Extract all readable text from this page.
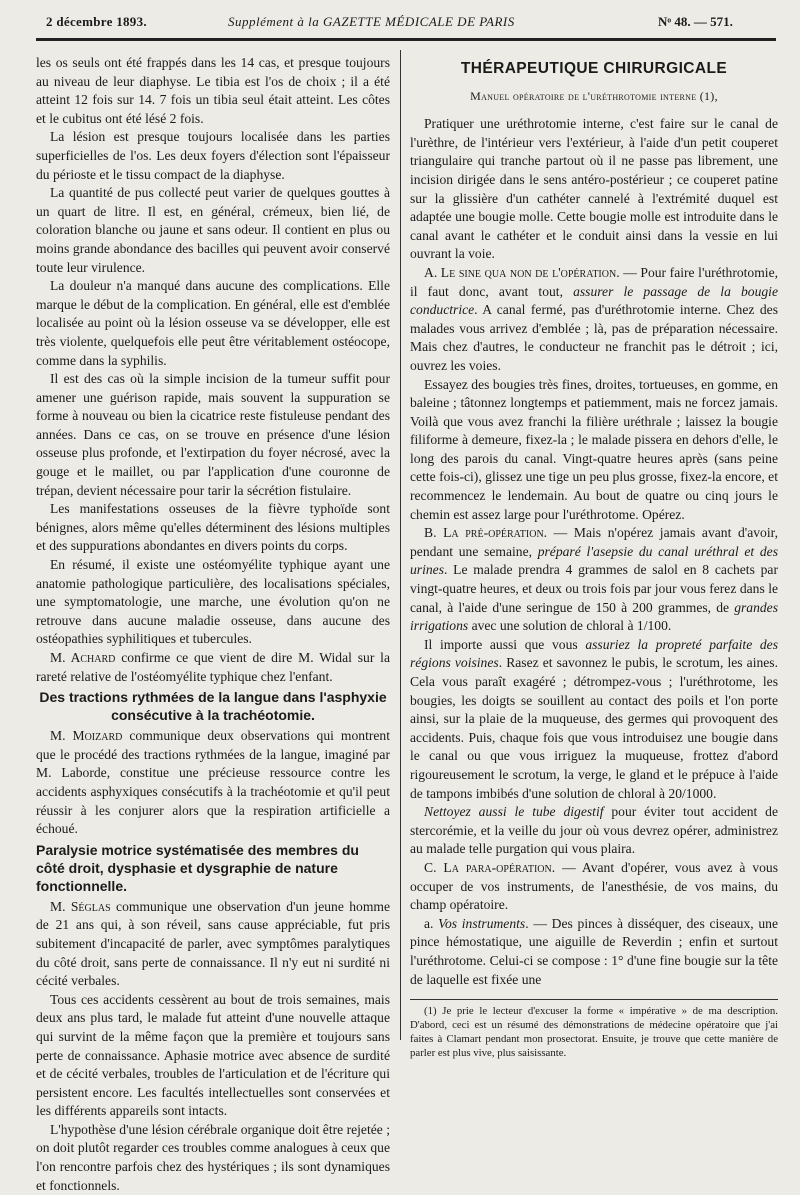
2 décembre 1893.	Supplément à la GAZETTE MÉDICALE DE PARIS	Nᵒ 48. — 571.

les os seuls ont été frappés dans les 14 cas, et presque toujours au niveau de leur diaphyse. Le tibia est l'os de choix ; il a été atteint 12 fois sur 14. 7 fois un tibia seul était atteint. Les côtes et le cubitus ont été lésé 2 fois.

La lésion est presque toujours localisée dans les parties superficielles de l'os. Les deux foyers d'élection sont l'épaisseur du périoste et le tissu compact de la diaphyse.

La quantité de pus collecté peut varier de quelques gouttes à un quart de litre. Il est, en général, crémeux, bien lié, de coloration blanche ou jaune et sans odeur. Il contient en plus ou moins grande abondance des bacilles qui peuvent avoir conservé toute leur virulence.

La douleur n'a manqué dans aucune des complications. Elle marque le début de la complication. En général, elle est d'emblée localisée au point où la lésion osseuse va se développer, elle est très violente, quelquefois elle peut être véritablement ostéocope, comme dans la syphilis.

Il est des cas où la simple incision de la tumeur suffit pour amener une guérison rapide, mais souvent la suppuration se forme à nouveau ou bien la cicatrice reste fistuleuse pendant des années. Dans ce cas, on se trouve en présence d'une lésion osseuse plus profonde, et l'extirpation du foyer nécrosé, avec la gouge et le maillet, ou par l'application d'une couronne de trépan, devient nécessaire pour tarir la sécrétion fistulaire.

Les manifestations osseuses de la fièvre typhoïde sont bénignes, alors même qu'elles déterminent des lésions multiples et des suppurations abondantes en divers points du corps.

En résumé, il existe une ostéomyélite typhique ayant une anatomie pathologique particulière, des localisations spéciales, une symptomatologie, une marche, une évolution qu'on ne retrouve dans aucune maladie osseuse, dans aucune des ostéopathies syphilitiques et tubercules.

M. Achard confirme ce que vient de dire M. Widal sur la rareté relative de l'ostéomyélite typhique chez l'enfant.

Des tractions rythmées de la langue dans l'asphyxie consécutive à la trachéotomie.

M. Moizard communique deux observations qui montrent que le procédé des tractions rythmées de la langue, imaginé par M. Laborde, constitue une précieuse ressource contre les accidents asphyxiques consécutifs à la trachéotomie et qu'il peut réussir à les conjurer alors que la respiration artificielle a échoué.

Paralysie motrice systématisée des membres du côté droit, dysphasie et dysgraphie de nature fonctionnelle.

M. Séglas communique une observation d'un jeune homme de 21 ans qui, à son réveil, sans cause appréciable, fut pris subitement d'incapacité de parler, avec symptômes paralytiques du côté droit, sans perte de connaissance. Il n'y eut ni surdité ni cécité verbales.

Tous ces accidents cessèrent au bout de trois semaines, mais deux ans plus tard, le malade fut atteint d'une nouvelle attaque qui survint de la même façon que la première et toujours sans perte de connaissance. Aphasie motrice avec absence de surdité et de cécité verbales, troubles de l'articulation et de l'écriture qui persistent encore. Les facultés intellectuelles sont conservées et les différents appareils sont intacts.

L'hypothèse d'une lésion cérébrale organique doit être rejetée ; on doit plutôt regarder ces troubles comme analogues à ceux que l'on rencontre parfois chez des hystériques ; ils sont dynamiques et fonctionnels.

THÉRAPEUTIQUE CHIRURGICALE
Manuel opératoire de l'uréthrotomie interne (1),

Pratiquer une uréthrotomie interne, c'est faire sur le canal de l'urèthre, de l'intérieur vers l'extérieur, à l'aide d'un petit couperet triangulaire qui tranche partout où il ne passe pas librement, une incision dirigée dans le sens antéro-postérieur ; ce couperet patine sur la glissière d'un cathéter cannelé à l'extrémité duquel est adaptée une bougie molle. Cette bougie molle est introduite dans le canal avant le cathéter et le conduit ainsi dans la vessie en lui ouvrant la voie.

A. Le sine qua non de l'opération. — Pour faire l'uréthrotomie, il faut donc, avant tout, assurer le passage de la bougie conductrice. A canal fermé, pas d'uréthrotomie interne. Chez des malades vous arrivez d'emblée ; là, pas de préparation nécessaire. Mais chez d'autres, le conducteur ne franchit pas le détroit ; ici, ouvrez les voies.

Essayez des bougies très fines, droites, tortueuses, en gomme, en baleine ; tâtonnez longtemps et patiemment, mais ne forcez jamais. Voilà que vous avez franchi la filière uréthrale ; laissez la bougie filiforme à demeure, fixez-la ; le malade pissera en dehors d'elle, le long des parois du canal. Vingt-quatre heures après (sans peine cette fois-ci), glissez une tige un peu plus grosse, fixez-la encore, et recommencez le lendemain. Au bout de quatre ou cinq jours le chemin est assez large pour l'uréthrotome. Opérez.

B. La pré-opération. — Mais n'opérez jamais avant d'avoir, pendant une semaine, préparé l'asepsie du canal uréthral et des urines. Le malade prendra 4 grammes de salol en 8 cachets par vingt-quatre heures, et deux ou trois fois par jour vous ferez dans le canal, à l'aide d'une seringue de 150 à 200 grammes, de grandes irrigations avec une solution de chloral à 1/100.

Il importe aussi que vous assuriez la propreté parfaite des régions voisines. Rasez et savonnez le pubis, le scrotum, les aines. Cela vous paraît exagéré ; détrompez-vous ; l'uréthrotome, les bougies, les doigts se souillent au contact des poils et l'on porte ainsi, sur la plaie de la muqueuse, des germes qui provoquent des accidents. Puis, chaque fois que vous introduisez une bougie dans le canal ou que vous irriguez la muqueuse, frottez d'abord rigoureusement le scrotum, la verge, le gland et le prépuce à l'aide de tampons imbibés d'une solution de chloral à 20/1000.

Nettoyez aussi le tube digestif pour éviter tout accident de stercorémie, et la veille du jour où vous devrez opérer, administrez au malade telle purgation qui vous plaira.

C. La para-opération. — Avant d'opérer, vous avez à vous occuper de vos instruments, de l'anesthésie, de vos mains, du champ opératoire.

a. Vos instruments. — Des pinces à disséquer, des ciseaux, une pince hémostatique, une aiguille de Reverdin ; enfin et surtout l'uréthrotome. Celui-ci se compose : 1° d'une fine bougie sur la tête de laquelle est fixée une

(1) Je prie le lecteur d'excuser la forme « impérative » de ma description. D'abord, ceci est un résumé des démonstrations de médecine opératoire que j'ai faites à Clamart pendant mon prosectorat. Ensuite, je trouve que cette manière de parler est plus vive, plus saisissante.
